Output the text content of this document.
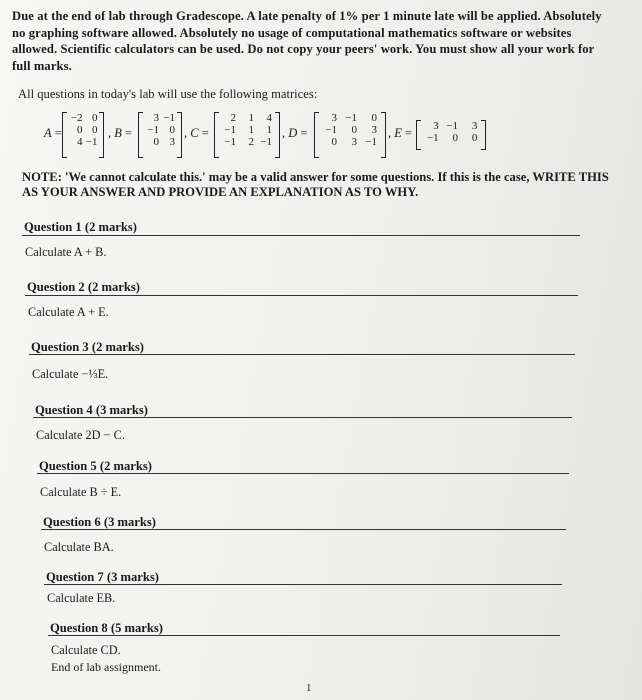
Due at the end of lab through Gradescope. A late penalty of 1% per 1 minute late will be applied. Absolutely no graphing software allowed. Absolutely no usage of computational mathematics software or websites allowed. Scientific calculators can be used. Do not copy your peers' work. You must show all your work for full marks.
All questions in today's lab will use the following matrices:
A =
−2 0
0 0
4 −1
, B =
3 −1
−1 0
0 3
, C =
2	1	4
−1	1	1
−1	2 −1
, D =
3 −1	0
−1	0	3
0	3 −1
, E =	3 −1	3
−1	0	0
NOTE: 'We cannot calculate this.' may be a valid answer for some questions. If this is the case, WRITE THIS AS YOUR ANSWER AND PROVIDE AN EXPLANATION AS TO WHY.
Question 1 (2 marks)
Calculate A + B.
Question 2 (2 marks)
Calculate A + E.
Question 3 (2 marks)
Calculate −⅓E.
Question 4 (3 marks)
Calculate 2D − C.
Question 5 (2 marks)
Calculate B ÷ E.
Question 6 (3 marks)
Calculate BA.
Question 7 (3 marks)
Calculate EB.
Question 8 (5 marks)
Calculate CD.
End of lab assignment.
1
